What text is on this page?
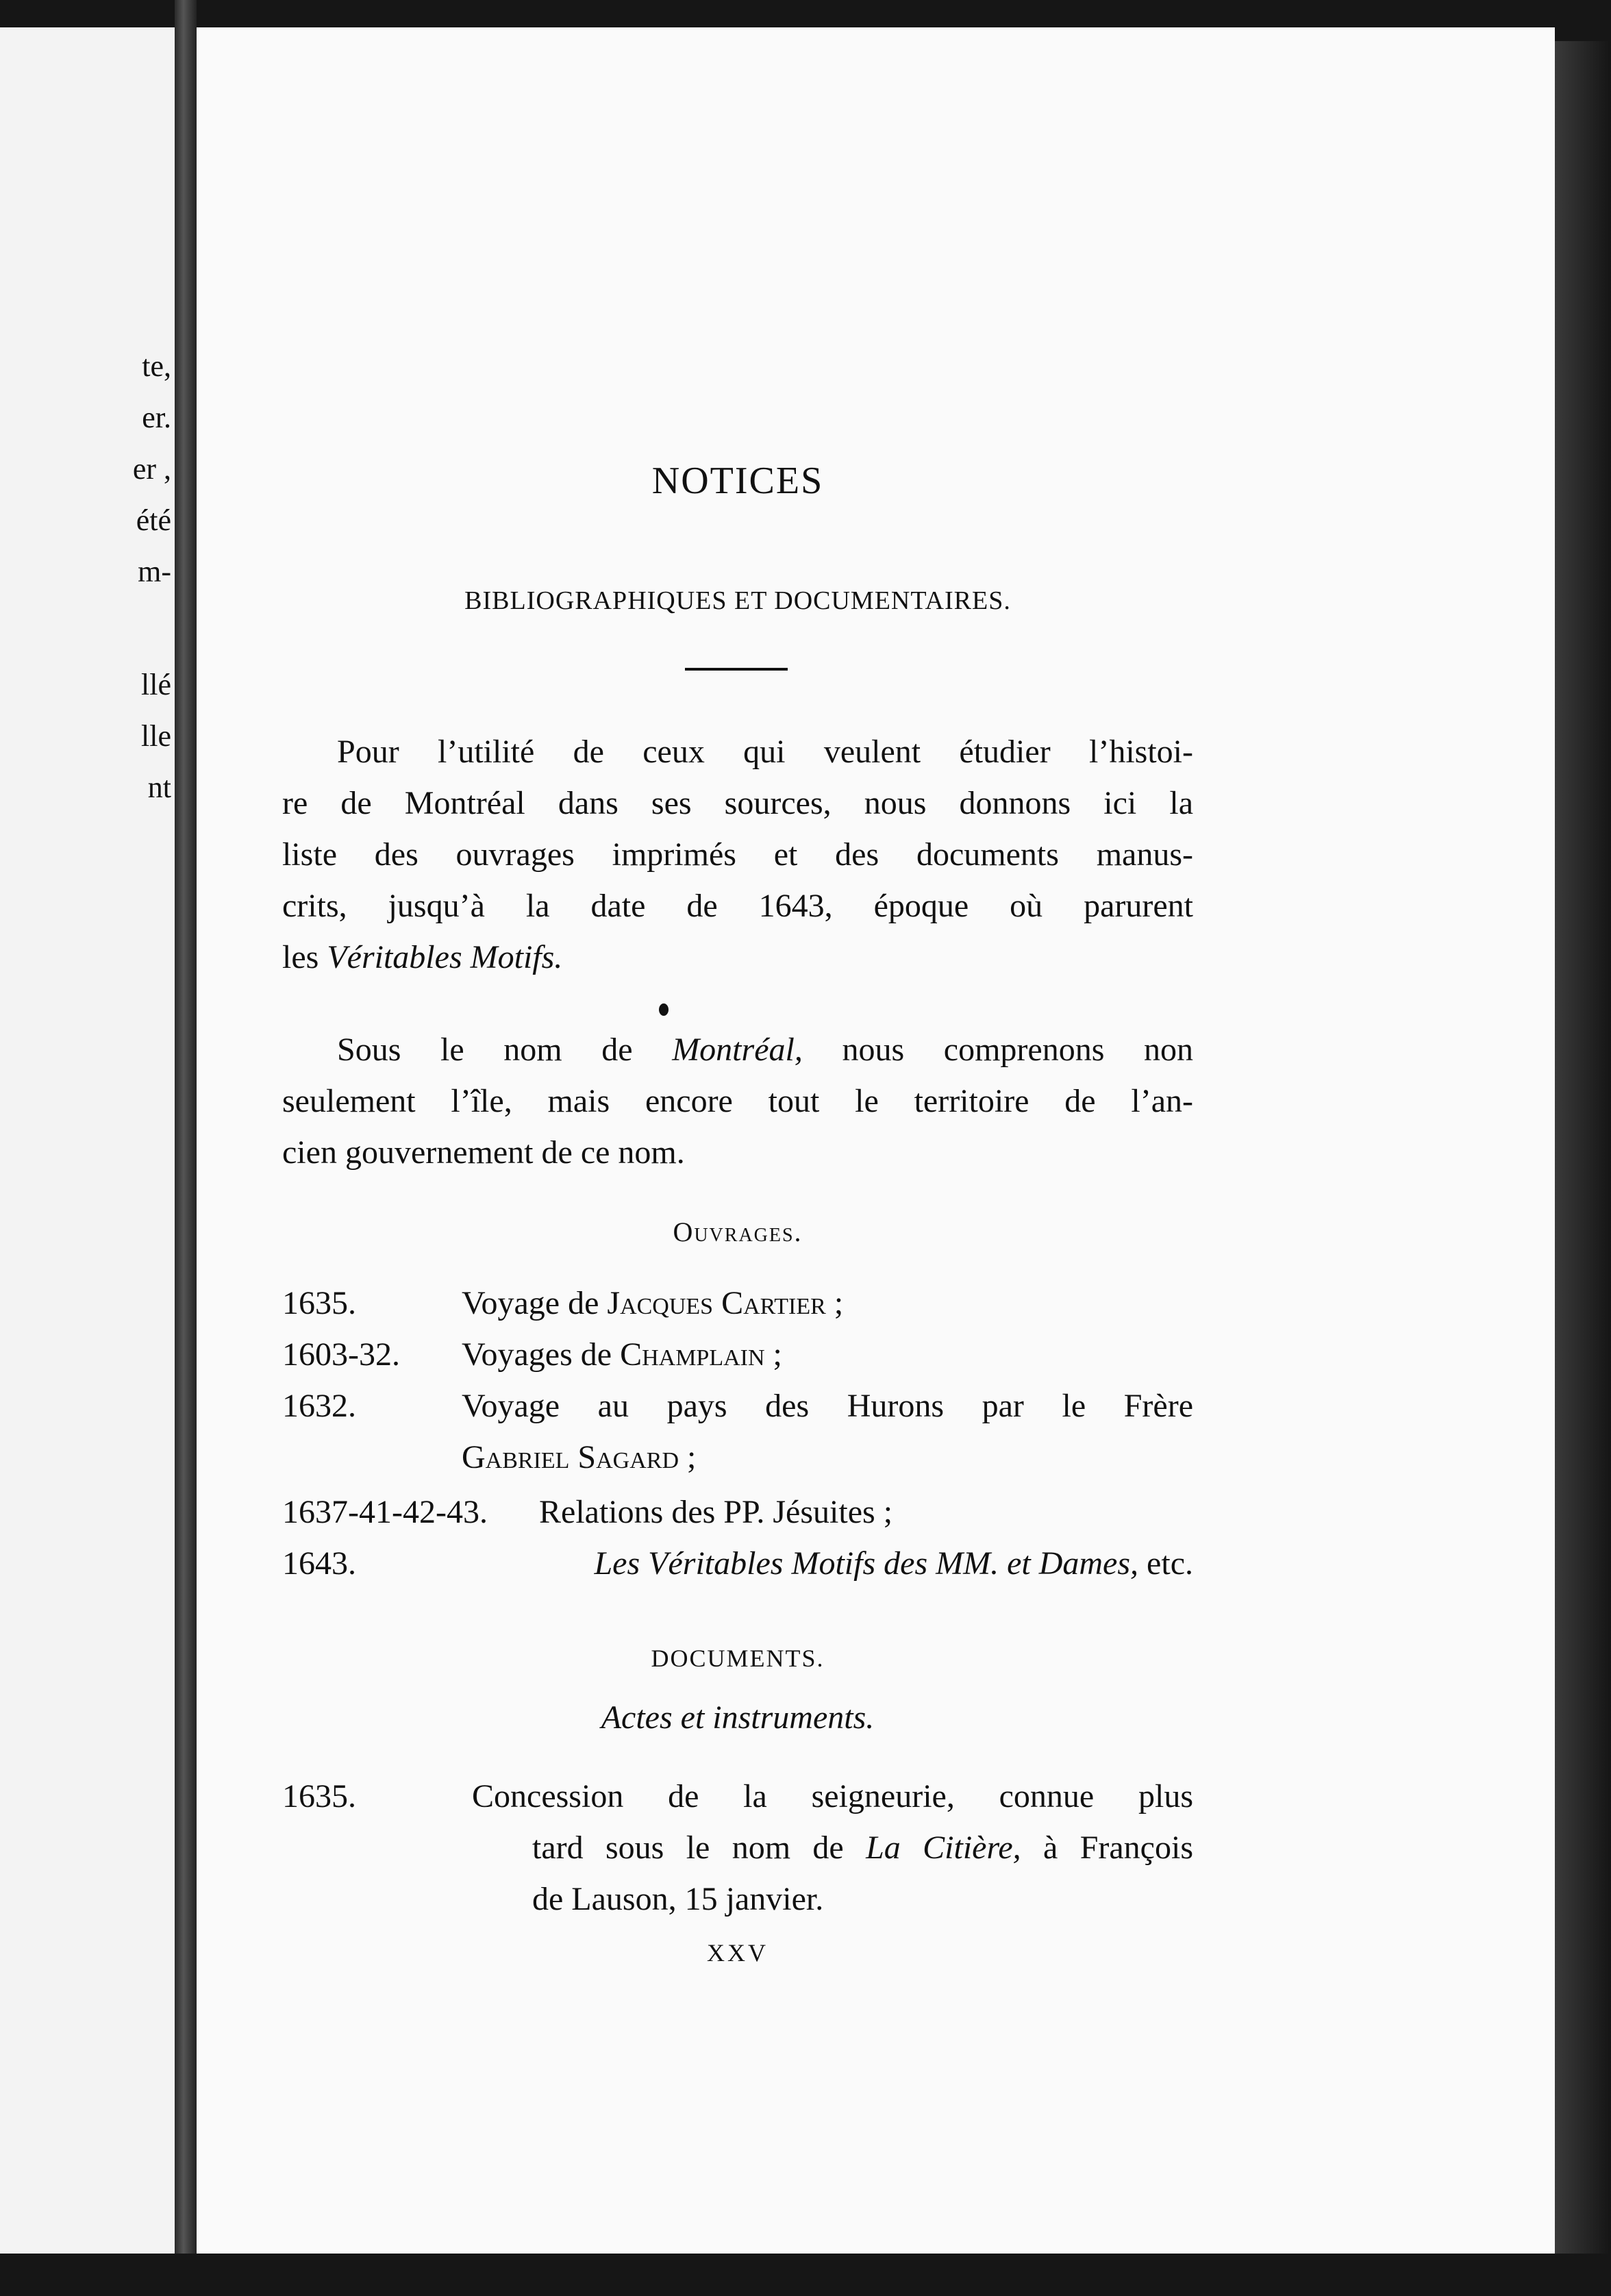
te,
er.
er ,
été
m-
llé
lle
nt
NOTICES
BIBLIOGRAPHIQUES ET DOCUMENTAIRES.
Pour l’utilité de ceux qui veulent étudier l’histoi-
re de Montréal dans ses sources, nous donnons ici la
liste des ouvrages imprimés et des documents manus-
crits, jusqu’à la date de 1643, époque où parurent
les Véritables Motifs.
Sous le nom de Montréal, nous comprenons non
seulement l’île, mais encore tout le territoire de l’an-
cien gouvernement de ce nom.
Ouvrages.
1635.	Voyage de Jacques Cartier ;
1603-32. Voyages de Champlain ;
1632.	Voyage au pays des Hurons par le Frère
Gabriel Sagard ;
1637-41-42-43. Relations des PP. Jésuites ;
1643.	Les Véritables Motifs des MM. et Dames, etc.
DOCUMENTS.
Actes et instruments.
1635.	Concession de la seigneurie, connue plus
tard sous le nom de La Citière, à François
de Lauson, 15 janvier.
XXV
